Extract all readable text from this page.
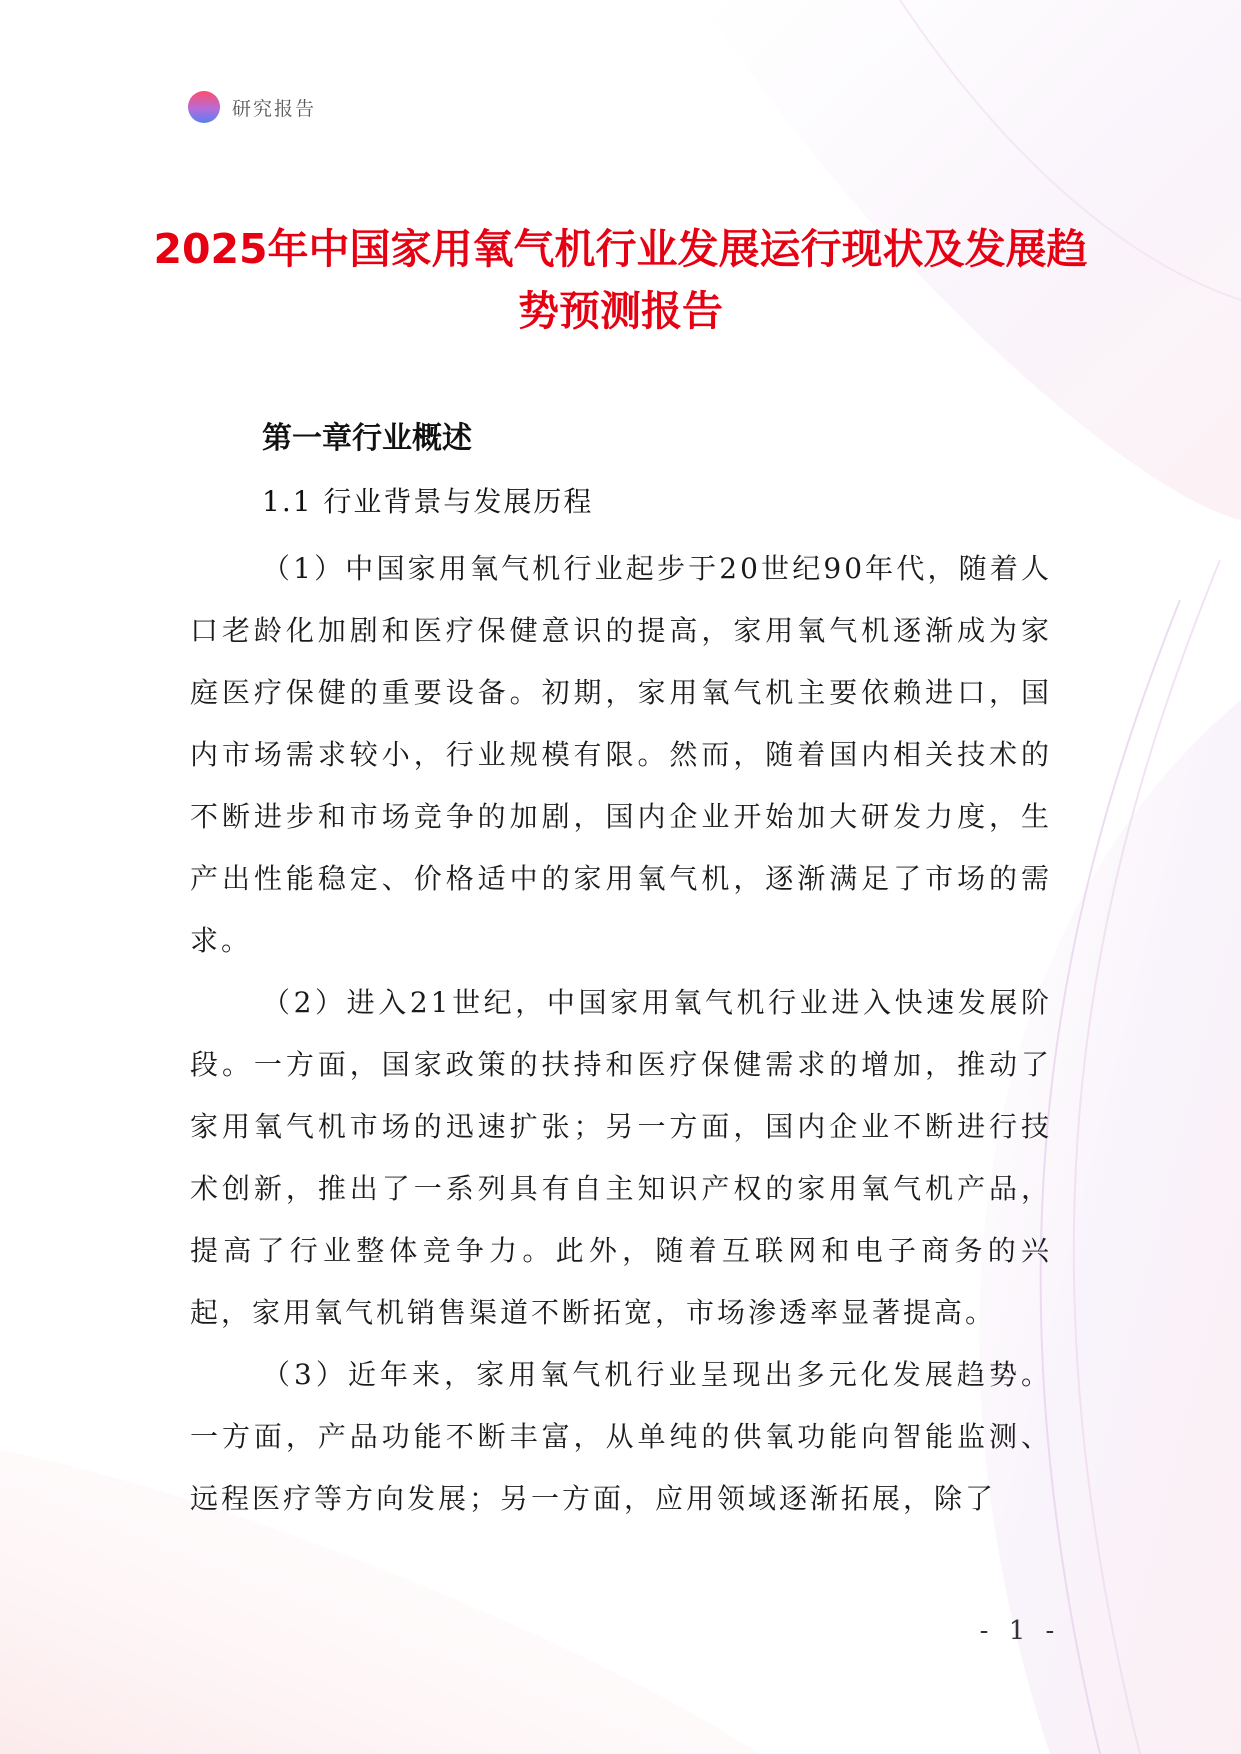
研究报告
2025年中国家用氧气机行业发展运行现状及发展趋势预测报告
第一章行业概述
1.1 行业背景与发展历程

（1）中国家用氧气机行业起步于20世纪90年代，随着人口老龄化加剧和医疗保健意识的提高，家用氧气机逐渐成为家庭医疗保健的重要设备。初期，家用氧气机主要依赖进口，国内市场需求较小，行业规模有限。然而，随着国内相关技术的不断进步和市场竞争的加剧，国内企业开始加大研发力度，生产出性能稳定、价格适中的家用氧气机，逐渐满足了市场的需求。

（2）进入21世纪，中国家用氧气机行业进入快速发展阶段。一方面，国家政策的扶持和医疗保健需求的增加，推动了家用氧气机市场的迅速扩张；另一方面，国内企业不断进行技术创新，推出了一系列具有自主知识产权的家用氧气机产品，提高了行业整体竞争力。此外，随着互联网和电子商务的兴起，家用氧气机销售渠道不断拓宽，市场渗透率显著提高。

（3）近年来，家用氧气机行业呈现出多元化发展趋势。一方面，产品功能不断丰富，从单纯的供氧功能向智能监测、远程医疗等方向发展；另一方面，应用领域逐渐拓展，除了

- 1 -
